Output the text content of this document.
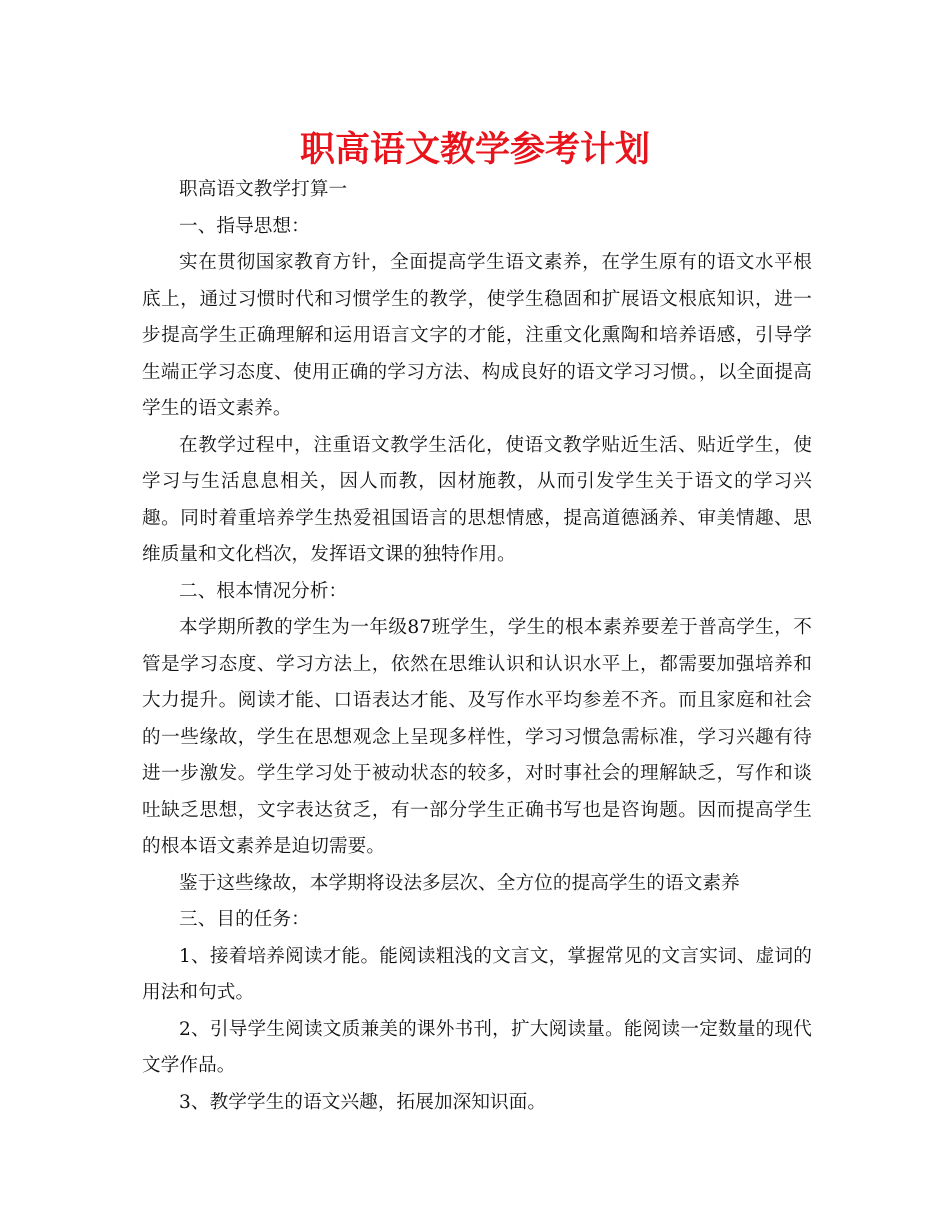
职高语文教学参考计划

职高语文教学打算一

一、指导思想：

实在贯彻国家教育方针，全面提高学生语文素养，在学生原有的语文水平根底上，通过习惯时代和习惯学生的教学，使学生稳固和扩展语文根底知识，进一步提高学生正确理解和运用语言文字的才能，注重文化熏陶和培养语感，引导学生端正学习态度、使用正确的学习方法、构成良好的语文学习习惯。，以全面提高学生的语文素养。

在教学过程中，注重语文教学生活化，使语文教学贴近生活、贴近学生，使学习与生活息息相关，因人而教，因材施教，从而引发学生关于语文的学习兴趣。同时着重培养学生热爱祖国语言的思想情感，提高道德涵养、审美情趣、思维质量和文化档次，发挥语文课的独特作用。

二、根本情况分析：

本学期所教的学生为一年级87班学生，学生的根本素养要差于普高学生，不管是学习态度、学习方法上，依然在思维认识和认识水平上，都需要加强培养和大力提升。阅读才能、口语表达才能、及写作水平均参差不齐。而且家庭和社会的一些缘故，学生在思想观念上呈现多样性，学习习惯急需标准，学习兴趣有待进一步激发。学生学习处于被动状态的较多，对时事社会的理解缺乏，写作和谈吐缺乏思想，文字表达贫乏，有一部分学生正确书写也是咨询题。因而提高学生的根本语文素养是迫切需要。

鉴于这些缘故，本学期将设法多层次、全方位的提高学生的语文素养

三、目的任务：

1、接着培养阅读才能。能阅读粗浅的文言文，掌握常见的文言实词、虚词的用法和句式。

2、引导学生阅读文质兼美的课外书刊，扩大阅读量。能阅读一定数量的现代文学作品。

3、教学学生的语文兴趣，拓展加深知识面。
